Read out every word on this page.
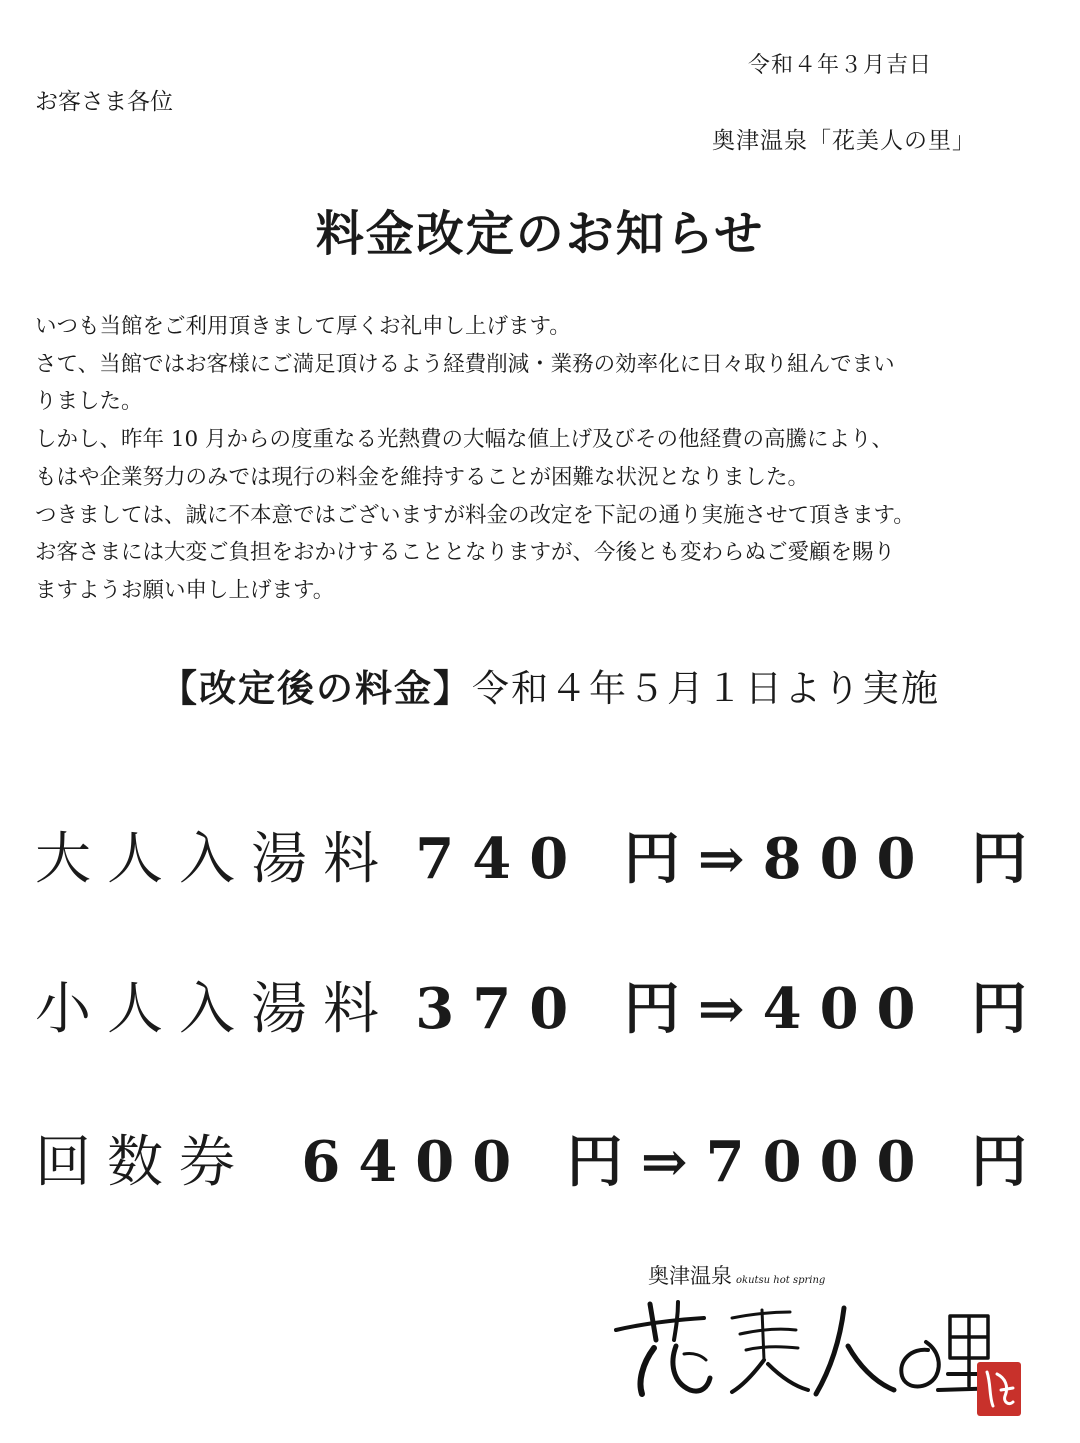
令和４年３月吉日
お客さま各位
奥津温泉「花美人の里」
料金改定のお知らせ
いつも当館をご利用頂きまして厚くお礼申し上げます。
さて、当館ではお客様にご満足頂けるよう経費削減・業務の効率化に日々取り組んでまい
りました。
しかし、昨年 10 月からの度重なる光熱費の大幅な値上げ及びその他経費の高騰により、
もはや企業努力のみでは現行の料金を維持することが困難な状況となりました。
つきましては、誠に不本意ではございますが料金の改定を下記の通り実施させて頂きます。
お客さまには大変ご負担をおかけすることとなりますが、今後とも変わらぬご愛顧を賜り
ますようお願い申し上げます。
【改定後の料金】令和４年５月１日より実施
大人入湯料 740 円⇒800 円
小人入湯料 370 円⇒400 円
回数券 6400 円⇒7000 円
奥津温泉 okutsu hot spring
